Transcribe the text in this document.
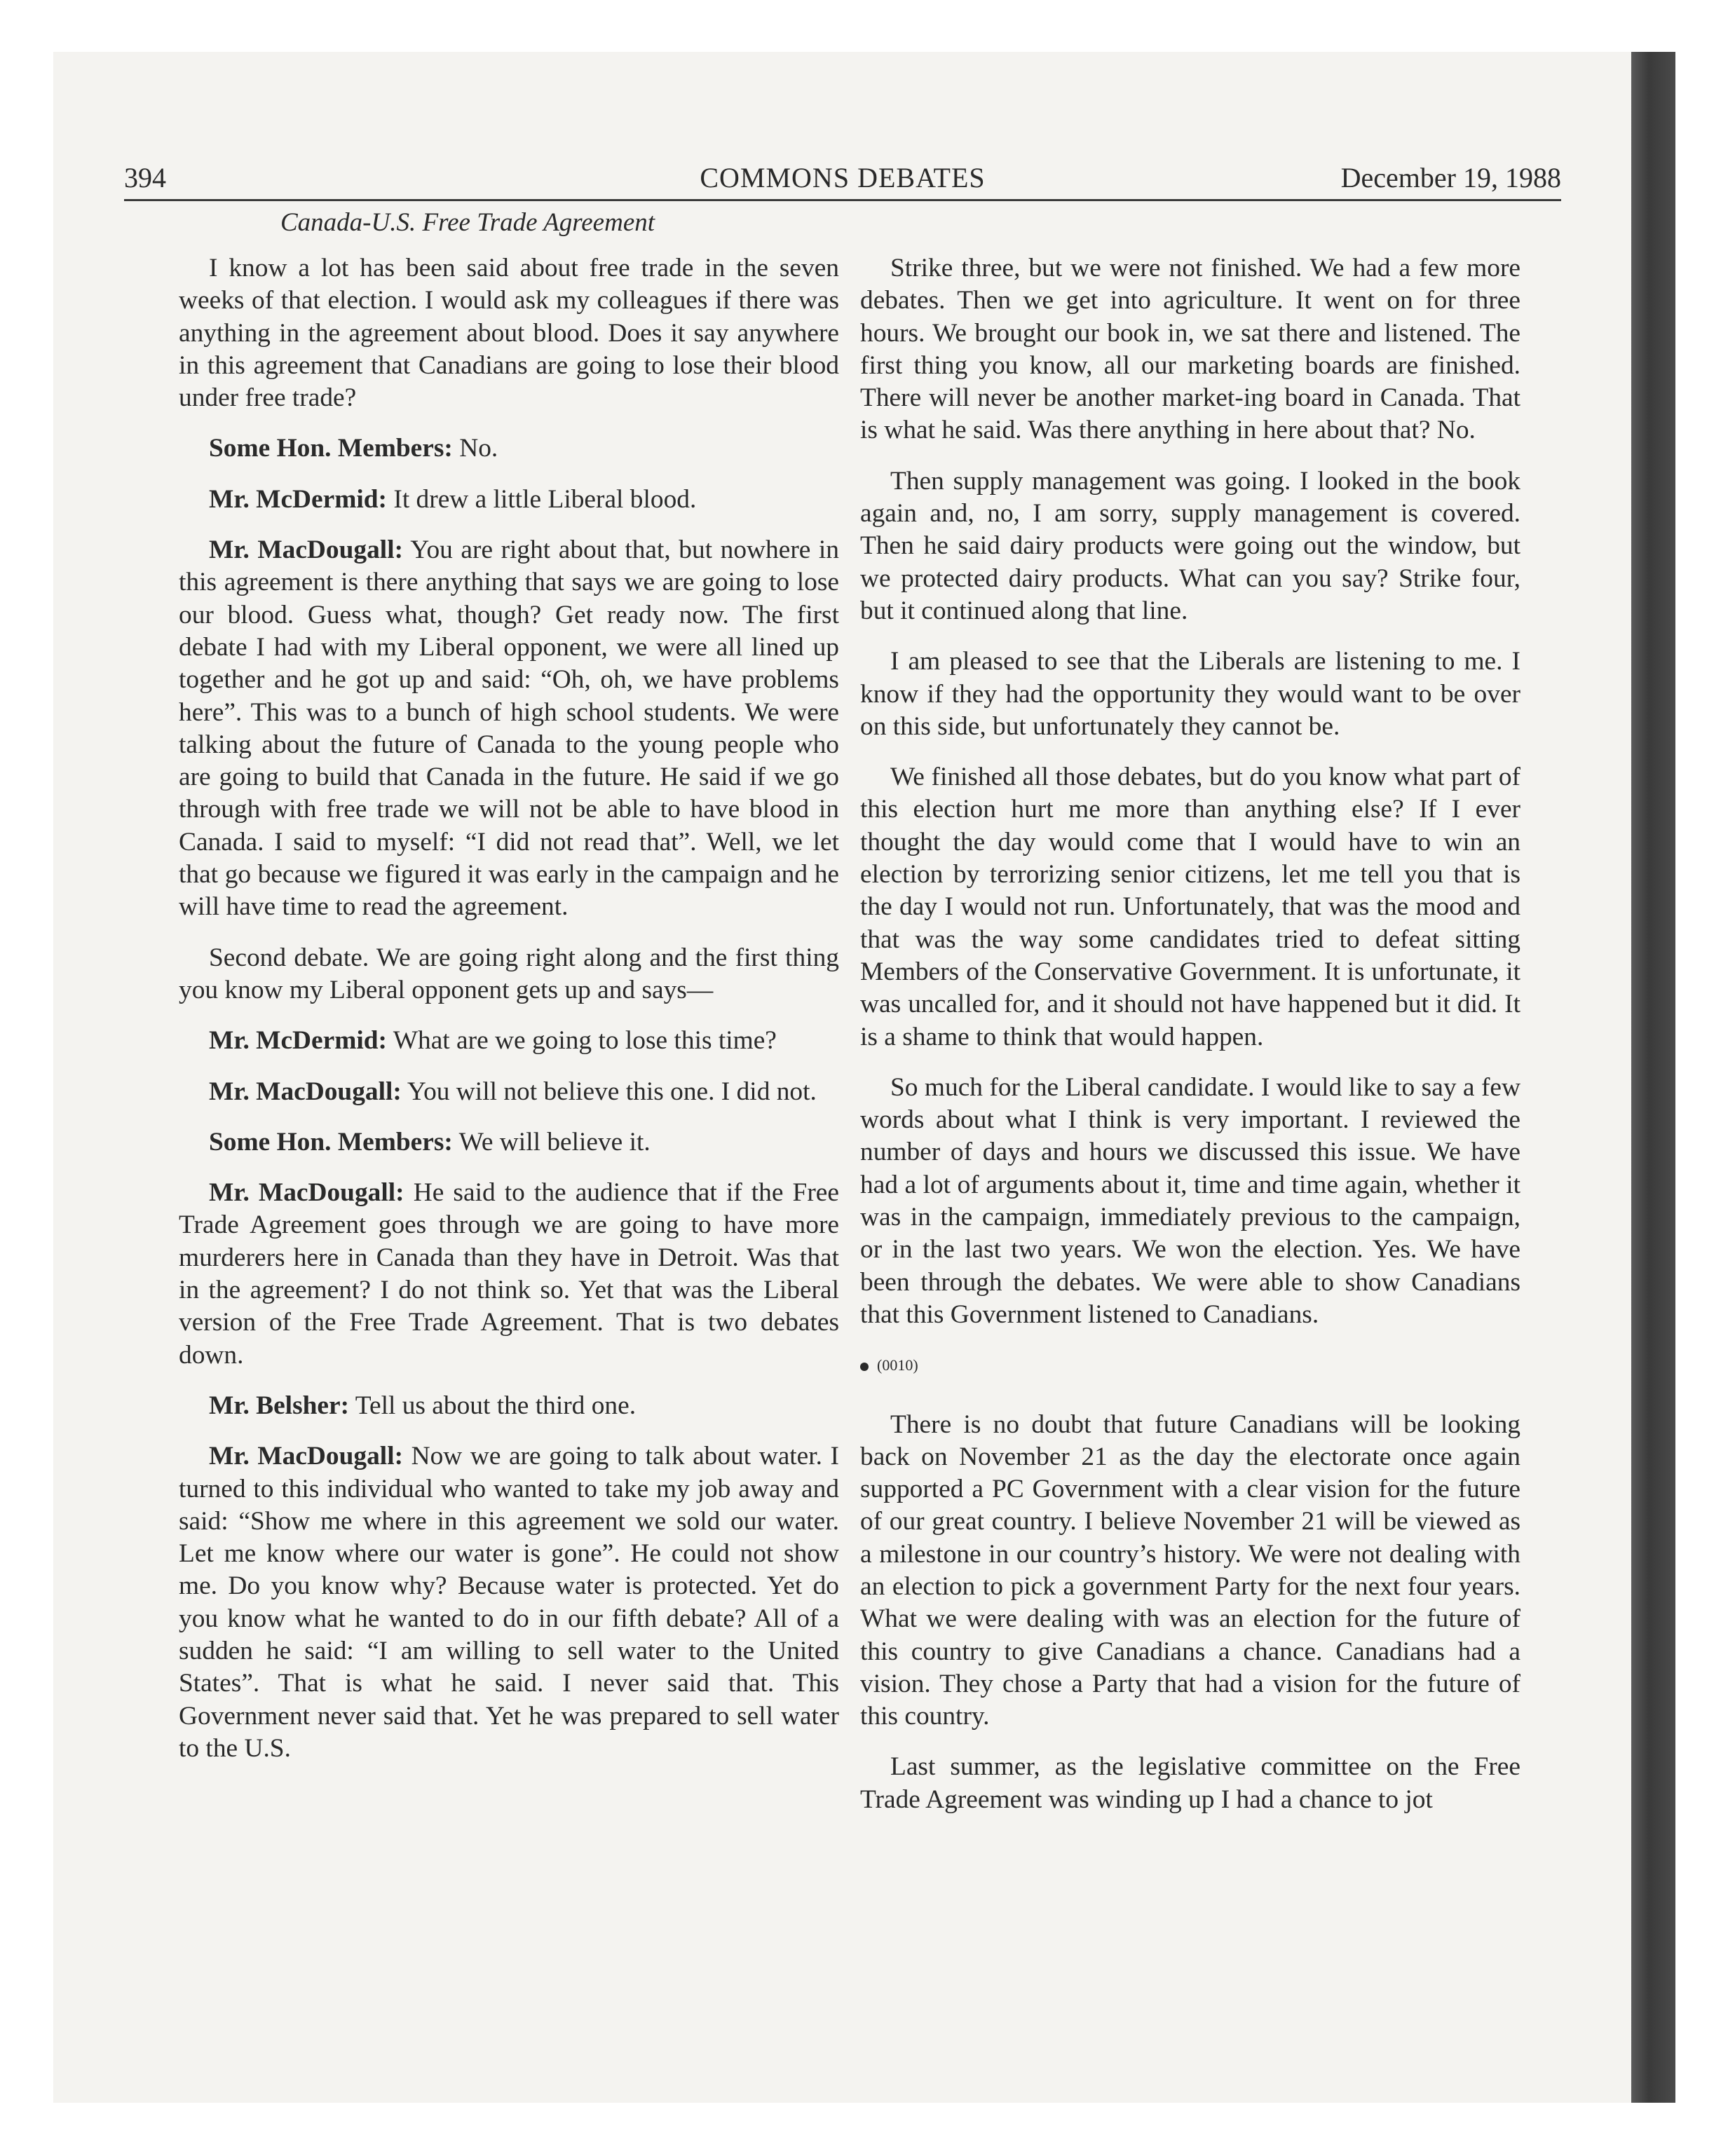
394	COMMONS DEBATES	December 19, 1988
Canada-U.S. Free Trade Agreement

I know a lot has been said about free trade in the seven weeks of that election. I would ask my colleagues if there was anything in the agreement about blood. Does it say anywhere in this agreement that Canadians are going to lose their blood under free trade?

Some Hon. Members: No.

Mr. McDermid: It drew a little Liberal blood.

Mr. MacDougall: You are right about that, but nowhere in this agreement is there anything that says we are going to lose our blood. Guess what, though? Get ready now. The first debate I had with my Liberal opponent, we were all lined up together and he got up and said: “Oh, oh, we have problems here”. This was to a bunch of high school students. We were talking about the future of Canada to the young people who are going to build that Canada in the future. He said if we go through with free trade we will not be able to have blood in Canada. I said to myself: “I did not read that”. Well, we let that go because we figured it was early in the campaign and he will have time to read the agreement.

Second debate. We are going right along and the first thing you know my Liberal opponent gets up and says—

Mr. McDermid: What are we going to lose this time?

Mr. MacDougall: You will not believe this one. I did not.

Some Hon. Members: We will believe it.

Mr. MacDougall: He said to the audience that if the Free Trade Agreement goes through we are going to have more murderers here in Canada than they have in Detroit. Was that in the agreement? I do not think so. Yet that was the Liberal version of the Free Trade Agreement. That is two debates down.

Mr. Belsher: Tell us about the third one.

Mr. MacDougall: Now we are going to talk about water. I turned to this individual who wanted to take my job away and said: “Show me where in this agreement we sold our water. Let me know where our water is gone”. He could not show me. Do you know why? Because water is protected. Yet do you know what he wanted to do in our fifth debate? All of a sudden he said: “I am willing to sell water to the United States”. That is what he said. I never said that. This Government never said that. Yet he was prepared to sell water to the U.S.

Strike three, but we were not finished. We had a few more debates. Then we get into agriculture. It went on for three hours. We brought our book in, we sat there and listened. The first thing you know, all our marketing boards are finished. There will never be another market-ing board in Canada. That is what he said. Was there anything in here about that? No.

Then supply management was going. I looked in the book again and, no, I am sorry, supply management is covered. Then he said dairy products were going out the window, but we protected dairy products. What can you say? Strike four, but it continued along that line.

I am pleased to see that the Liberals are listening to me. I know if they had the opportunity they would want to be over on this side, but unfortunately they cannot be.

We finished all those debates, but do you know what part of this election hurt me more than anything else? If I ever thought the day would come that I would have to win an election by terrorizing senior citizens, let me tell you that is the day I would not run. Unfortunately, that was the mood and that was the way some candidates tried to defeat sitting Members of the Conservative Government. It is unfortunate, it was uncalled for, and it should not have happened but it did. It is a shame to think that would happen.

So much for the Liberal candidate. I would like to say a few words about what I think is very important. I reviewed the number of days and hours we discussed this issue. We have had a lot of arguments about it, time and time again, whether it was in the campaign, immediately previous to the campaign, or in the last two years. We won the election. Yes. We have been through the debates. We were able to show Canadians that this Government listened to Canadians.

(0010)

There is no doubt that future Canadians will be looking back on November 21 as the day the electorate once again supported a PC Government with a clear vision for the future of our great country. I believe November 21 will be viewed as a milestone in our country’s history. We were not dealing with an election to pick a government Party for the next four years. What we were dealing with was an election for the future of this country to give Canadians a chance. Canadians had a vision. They chose a Party that had a vision for the future of this country.

Last summer, as the legislative committee on the Free Trade Agreement was winding up I had a chance to jot
